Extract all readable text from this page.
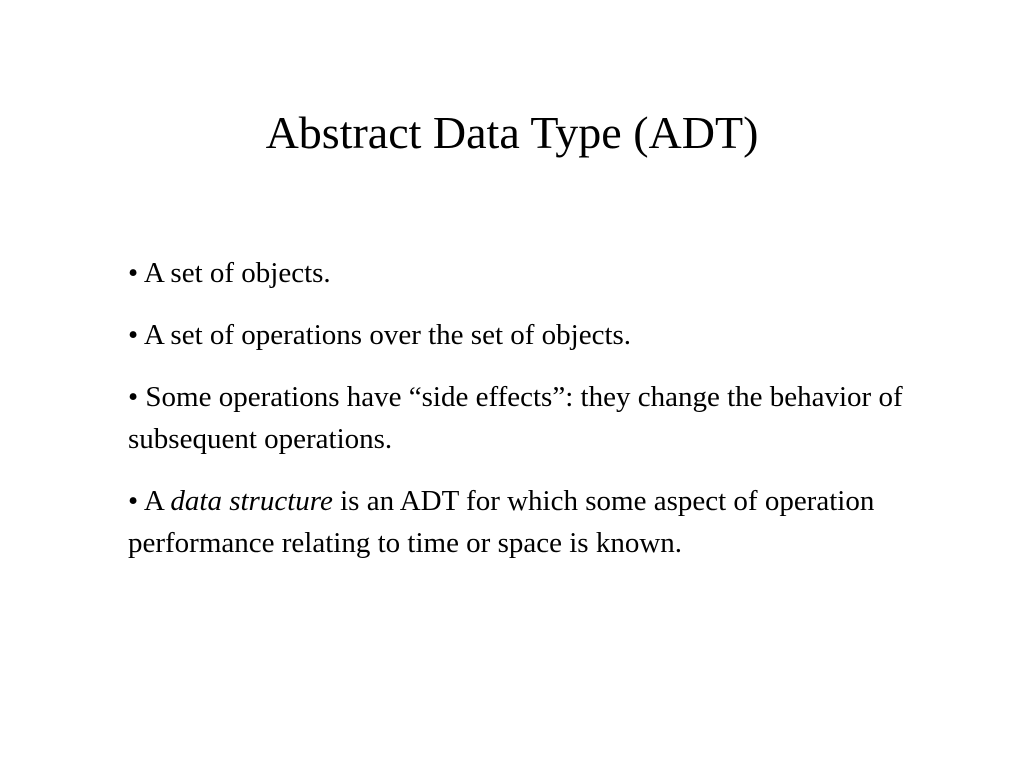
Abstract Data Type (ADT)
• A set of objects.
• A set of operations over the set of objects.
• Some operations have “side effects”: they change the behavior of subsequent operations.
• A data structure is an ADT for which some aspect of operation performance relating to time or space is known.
